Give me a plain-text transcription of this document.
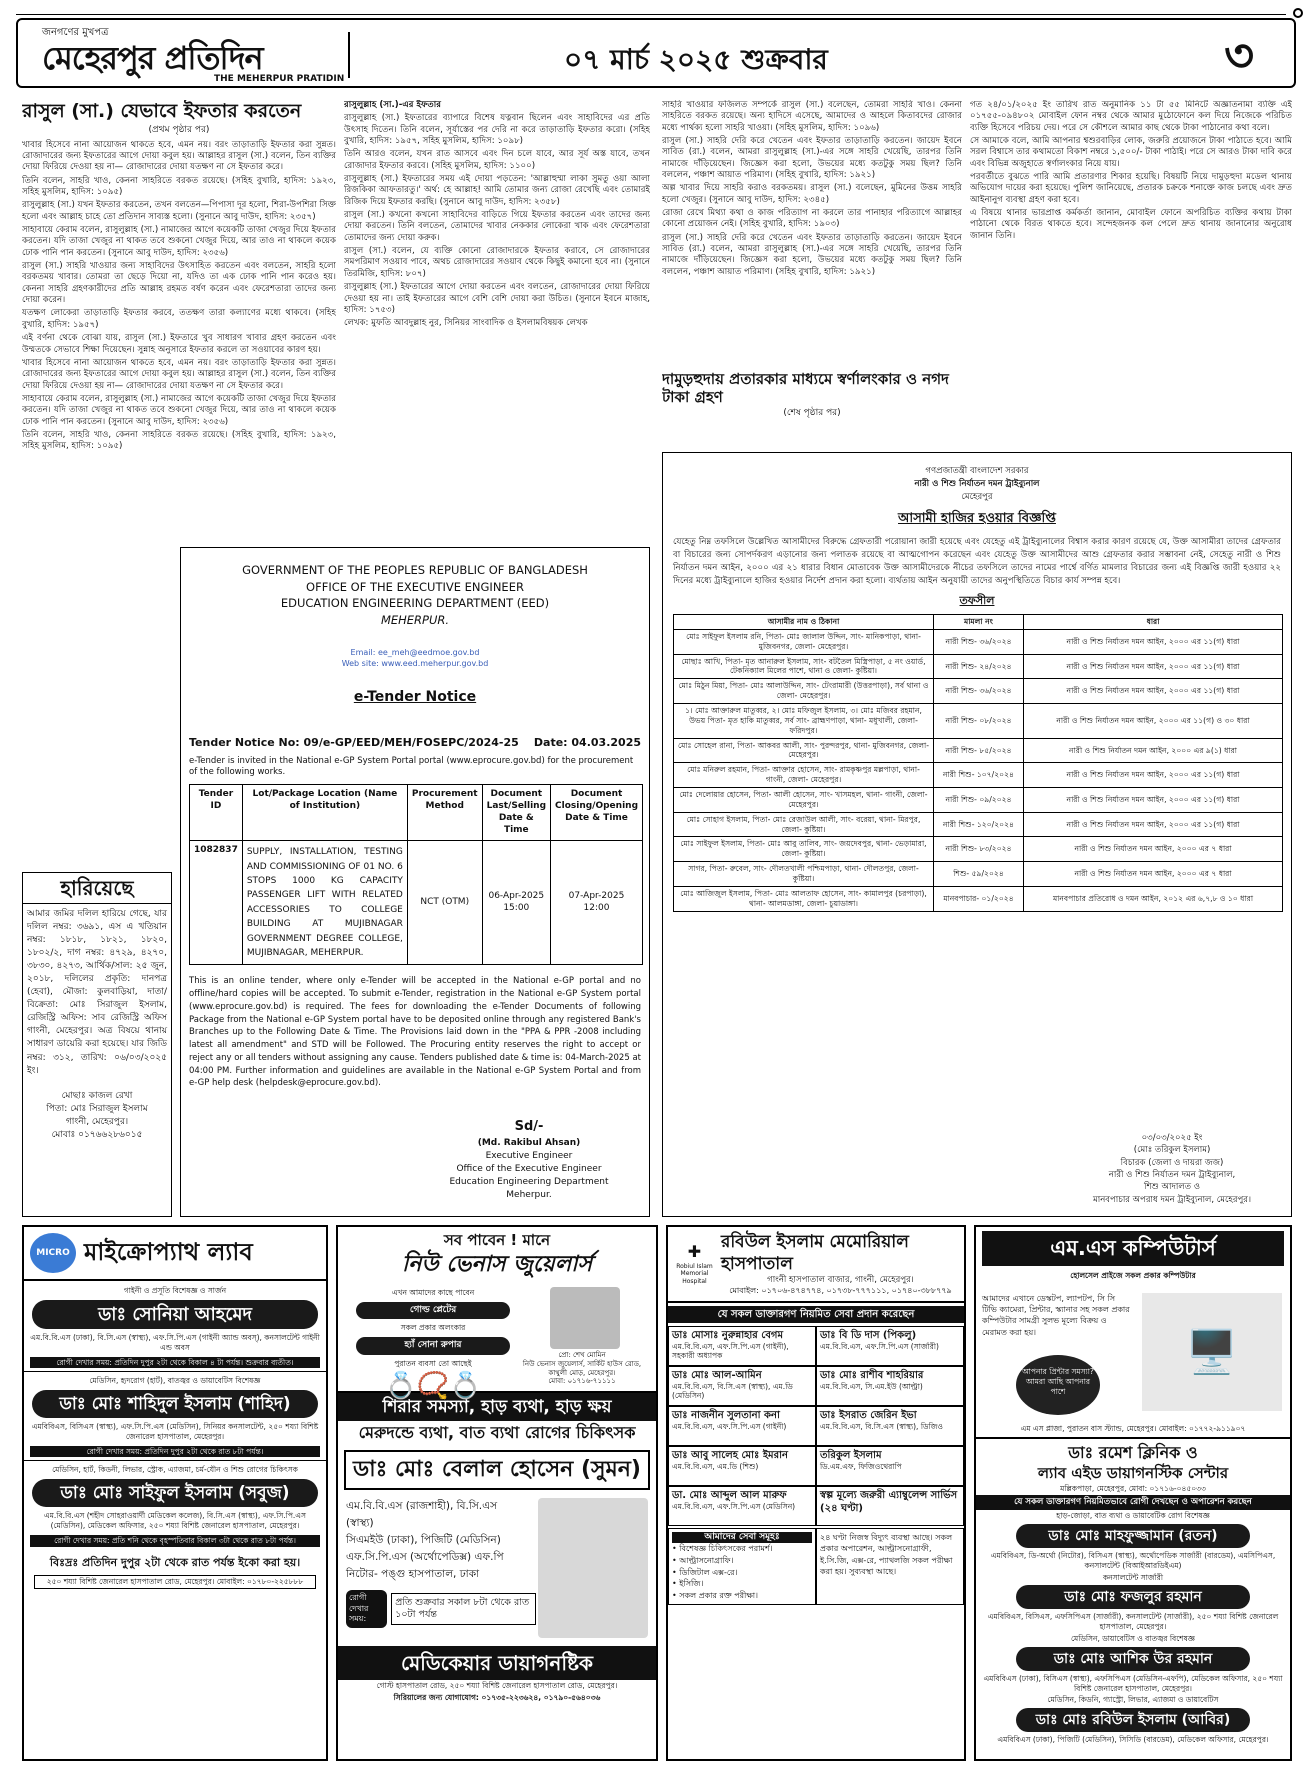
জনগণের মুখপত্র
মেহেরপুর প্রতিদিন
THE MEHERPUR PRATIDIN
০৭ মার্চ ২০২৫ শুক্রবার	৩
রাসুল (সা.) যেভাবে ইফতার করতেন
(প্রথম পৃষ্ঠার পর)

খাবার হিসেবে নানা আয়োজন থাকতে হবে, এমন নয়। বরং তাড়াতাড়ি ইফতার করা সুন্নত। রোজাদারের জন্য ইফতারের আগে দোয়া কবুল হয়। আল্লাহর রাসুল (সা.) বলেন, তিন ব্যক্তির দোয়া ফিরিয়ে দেওয়া হয় না— রোজাদারের দোয়া যতক্ষণ না সে ইফতার করে।

তিনি বলেন, সাহরি খাও, কেননা সাহরিতে বরকত রয়েছে। (সহিহ বুখারি, হাদিস: ১৯২৩, সহিহ মুসলিম, হাদিস: ১০৯৫)

রাসুলুল্লাহ (সা.) যখন ইফতার করতেন, তখন বলতেন—পিপাসা দূর হলো, শিরা-উপশিরা সিক্ত হলো এবং আল্লাহ চাহে তো প্রতিদান সাব্যস্ত হলো। (সুনানে আবু দাউদ, হাদিস: ২৩৫৭)

সাহাবায়ে কেরাম বলেন, রাসুলুল্লাহ (সা.) নামাজের আগে কয়েকটি তাজা খেজুর দিয়ে ইফতার করতেন। যদি তাজা খেজুর না থাকত তবে শুকনো খেজুর দিয়ে, আর তাও না থাকলে কয়েক ঢোক পানি পান করতেন। (সুনানে আবু দাউদ, হাদিস: ২৩৫৬)

রাসুল (সা.) সাহরি খাওয়ার জন্য সাহাবিদের উৎসাহিত করতেন এবং বলতেন, সাহরি হলো বরকতময় খাবার। তোমরা তা ছেড়ে দিয়ো না, যদিও তা এক ঢোক পানি পান করেও হয়। কেননা সাহরি গ্রহণকারীদের প্রতি আল্লাহ রহমত বর্ষণ করেন এবং ফেরেশতারা তাদের জন্য দোয়া করেন।

যতক্ষণ লোকেরা তাড়াতাড়ি ইফতার করবে, ততক্ষণ তারা কল্যাণের মধ্যে থাকবে। (সহিহ বুখারি, হাদিস: ১৯৫৭)

এই বর্ণনা থেকে বোঝা যায়, রাসুল (সা.) ইফতারে খুব সাধারণ খাবার গ্রহণ করতেন এবং উম্মতকে সেভাবে শিক্ষা দিয়েছেন। সুন্নাহ অনুসারে ইফতার করলে তা সওয়াবের কারণ হয়।

খাবার হিসেবে নানা আয়োজন থাকতে হবে, এমন নয়। বরং তাড়াতাড়ি ইফতার করা সুন্নত। রোজাদারের জন্য ইফতারের আগে দোয়া কবুল হয়। আল্লাহর রাসুল (সা.) বলেন, তিন ব্যক্তির দোয়া ফিরিয়ে দেওয়া হয় না— রোজাদারের দোয়া যতক্ষণ না সে ইফতার করে।

সাহাবায়ে কেরাম বলেন, রাসুলুল্লাহ (সা.) নামাজের আগে কয়েকটি তাজা খেজুর দিয়ে ইফতার করতেন। যদি তাজা খেজুর না থাকত তবে শুকনো খেজুর দিয়ে, আর তাও না থাকলে কয়েক ঢোক পানি পান করতেন। (সুনানে আবু দাউদ, হাদিস: ২৩৫৬)

তিনি বলেন, সাহরি খাও, কেননা সাহরিতে বরকত রয়েছে। (সহিহ বুখারি, হাদিস: ১৯২৩, সহিহ মুসলিম, হাদিস: ১০৯৫)

রাসুলুল্লাহ (সা.)-এর ইফতার

রাসুলুল্লাহ (সা.) ইফতারের ব্যাপারে বিশেষ যত্নবান ছিলেন এবং সাহাবিদের এর প্রতি উৎসাহ দিতেন। তিনি বলেন, সূর্যাস্তের পর দেরি না করে তাড়াতাড়ি ইফতার করো। (সহিহ বুখারি, হাদিস: ১৯৫৭, সহিহ মুসলিম, হাদিস: ১০৯৮)

তিনি আরও বলেন, যখন রাত আসবে এবং দিন চলে যাবে, আর সূর্য অস্ত যাবে, তখন রোজাদার ইফতার করবে। (সহিহ মুসলিম, হাদিস: ১১০০)

রাসুলুল্লাহ (সা.) ইফতারের সময় এই দোয়া পড়তেন: 'আল্লাহুম্মা লাকা সুমতু ওয়া আলা রিজকিকা আফতারতু।' অর্থ: হে আল্লাহ! আমি তোমার জন্য রোজা রেখেছি এবং তোমারই রিজিক দিয়ে ইফতার করছি। (সুনানে আবু দাউদ, হাদিস: ২৩৫৮)

রাসুল (সা.) কখনো কখনো সাহাবিদের বাড়িতে গিয়ে ইফতার করতেন এবং তাদের জন্য দোয়া করতেন। তিনি বলতেন, তোমাদের খাবার নেককার লোকেরা খাক এবং ফেরেশতারা তোমাদের জন্য দোয়া করুক।

রাসুল (সা.) বলেন, যে ব্যক্তি কোনো রোজাদারকে ইফতার করাবে, সে রোজাদারের সমপরিমাণ সওয়াব পাবে, অথচ রোজাদারের সওয়াব থেকে কিছুই কমানো হবে না। (সুনানে তিরমিজি, হাদিস: ৮০৭)

রাসুলুল্লাহ (সা.) ইফতারের আগে দোয়া করতেন এবং বলতেন, রোজাদারের দোয়া ফিরিয়ে দেওয়া হয় না। তাই ইফতারের আগে বেশি বেশি দোয়া করা উচিত। (সুনানে ইবনে মাজাহ, হাদিস: ১৭৫৩)

লেখক: মুফতি আবদুল্লাহ নুর, সিনিয়র সাংবাদিক ও ইসলামবিষয়ক লেখক

সাহরি খাওয়ার ফজিলত সম্পর্কে রাসুল (সা.) বলেছেন, তোমরা সাহরি খাও। কেননা সাহরিতে বরকত রয়েছে। অন্য হাদিসে এসেছে, আমাদের ও আহলে কিতাবদের রোজার মধ্যে পার্থক্য হলো সাহরি খাওয়া। (সহিহ মুসলিম, হাদিস: ১০৯৬)

রাসুল (সা.) সাহরি দেরি করে খেতেন এবং ইফতার তাড়াতাড়ি করতেন। জায়েদ ইবনে সাবিত (রা.) বলেন, আমরা রাসুলুল্লাহ (সা.)-এর সঙ্গে সাহরি খেয়েছি, তারপর তিনি নামাজে দাঁড়িয়েছেন। জিজ্ঞেস করা হলো, উভয়ের মধ্যে কতটুকু সময় ছিল? তিনি বললেন, পঞ্চাশ আয়াত পরিমাণ। (সহিহ বুখারি, হাদিস: ১৯২১)

অল্প খাবার দিয়ে সাহরি করাও বরকতময়। রাসুল (সা.) বলেছেন, মুমিনের উত্তম সাহরি হলো খেজুর। (সুনানে আবু দাউদ, হাদিস: ২৩৪৫)

রোজা রেখে মিথ্যা কথা ও কাজ পরিত্যাগ না করলে তার পানাহার পরিত্যাগে আল্লাহর কোনো প্রয়োজন নেই। (সহিহ বুখারি, হাদিস: ১৯০৩)

রাসুল (সা.) সাহরি দেরি করে খেতেন এবং ইফতার তাড়াতাড়ি করতেন। জায়েদ ইবনে সাবিত (রা.) বলেন, আমরা রাসুলুল্লাহ (সা.)-এর সঙ্গে সাহরি খেয়েছি, তারপর তিনি নামাজে দাঁড়িয়েছেন। জিজ্ঞেস করা হলো, উভয়ের মধ্যে কতটুকু সময় ছিল? তিনি বললেন, পঞ্চাশ আয়াত পরিমাণ। (সহিহ বুখারি, হাদিস: ১৯২১)

দামুড়হুদায় প্রতারকার মাধ্যমে স্বর্ণালংকার ও নগদ টাকা গ্রহণ
(শেষ পৃষ্ঠার পর)

গত ২৪/০১/২০২৫ ইং তারিখ রাত অনুমানিক ১১ টা ৫৫ মিনিটে অজ্ঞাতনামা ব্যক্তি এই ০১৭৫৫-০৯৪৮০২ মোবাইল ফোন নম্বর থেকে আমার মুঠোফোনে কল দিয়ে নিজেকে পরিচিত ব্যক্তি হিসেবে পরিচয় দেয়। পরে সে কৌশলে আমার কাছ থেকে টাকা পাঠানোর কথা বলে।

সে আমাকে বলে, আমি আপনার শ্বশুরবাড়ির লোক, জরুরি প্রয়োজনে টাকা পাঠাতে হবে। আমি সরল বিশ্বাসে তার কথামতো বিকাশ নম্বরে ১,৫০০/- টাকা পাঠাই। পরে সে আরও টাকা দাবি করে এবং বিভিন্ন অজুহাতে স্বর্ণালংকার নিয়ে যায়।

পরবর্তীতে বুঝতে পারি আমি প্রতারণার শিকার হয়েছি। বিষয়টি নিয়ে দামুড়হুদা মডেল থানায় অভিযোগ দায়ের করা হয়েছে। পুলিশ জানিয়েছে, প্রতারক চক্রকে শনাক্তে কাজ চলছে এবং দ্রুত আইনানুগ ব্যবস্থা গ্রহণ করা হবে।

এ বিষয়ে থানার ভারপ্রাপ্ত কর্মকর্তা জানান, মোবাইল ফোনে অপরিচিত ব্যক্তির কথায় টাকা পাঠানো থেকে বিরত থাকতে হবে। সন্দেহজনক কল পেলে দ্রুত থানায় জানানোর অনুরোধ জানান তিনি।

GOVERNMENT OF THE PEOPLES REPUBLIC OF BANGLADESH
OFFICE OF THE EXECUTIVE ENGINEER
EDUCATION ENGINEERING DEPARTMENT (EED)
MEHERPUR.
Email: ee_meh@eedmoe.gov.bd
Web site: www.eed.meherpur.gov.bd
e-Tender Notice
Tender Notice No: 09/e-GP/EED/MEH/FOSEPC/2024-25 Date: 04.03.2025
e-Tender is invited in the National e-GP System Portal portal (www.eprocure.gov.bd) for the procurement of the following works.
Tender ID	Lot/Package Location (Name of Institution)	Procurement Method	Document Last/Selling Date & Time	Document Closing/Opening Date & Time
1082837	SUPPLY, INSTALLATION, TESTING AND COMMISSIONING OF 01 NO. 6 STOPS 1000 KG CAPACITY PASSENGER LIFT WITH RELATED ACCESSORIES TO COLLEGE BUILDING AT MUJIBNAGAR GOVERNMENT DEGREE COLLEGE, MUJIBNAGAR, MEHERPUR.	NCT (OTM)	06-Apr-2025 15:00	07-Apr-2025 12:00
This is an online tender, where only e-Tender will be accepted in the National e-GP portal and no offline/hard copies will be accepted. To submit e-Tender, registration in the National e-GP System portal (www.eprocure.gov.bd) is required. The fees for downloading the e-Tender Documents of following Package from the National e-GP System portal have to be deposited online through any registered Bank's Branches up to the Following Date & Time. The Provisions laid down in the "PPA & PPR -2008 including latest all amendment" and STD will be Followed. The Procuring entity reserves the right to accept or reject any or all tenders without assigning any cause. Tenders published date & time is: 04-March-2025 at 04:00 PM. Further information and guidelines are available in the National e-GP System Portal and from e-GP help desk (helpdesk@eprocure.gov.bd).
Sd/-
(Md. Rakibul Ahsan)
Executive Engineer
Office of the Executive Engineer
Education Engineering Department
Meherpur.
গণপ্রজাতন্ত্রী বাংলাদেশ সরকার
নারী ও শিশু নির্যাতন দমন ট্রাইব্যুনাল
মেহেরপুর
আসামী হাজির হওয়ার বিজ্ঞপ্তি
যেহেতু নিম্ন তফসিলে উল্লেখিত আসামীদের বিরুদ্ধে গ্রেফতারী পরোয়ানা জারী হয়েছে এবং যেহেতু এই ট্রাইব্যুনালের বিশ্বাস করার কারণ রয়েছে যে, উক্ত আসামীরা তাদের গ্রেফতার বা বিচারের জন্য সোপর্দকরণ এড়ানোর জন্য পলাতক রয়েছে বা আত্মগোপন করেছেন এবং যেহেতু উক্ত আসামীদের আশু গ্রেফতার করার সম্ভাবনা নেই, সেহেতু নারী ও শিশু নির্যাতন দমন আইন, ২০০০ এর ২১ ধারার বিধান মোতাবেক উক্ত আসামীদেরকে নীচের তফসিলে তাদের নামের পার্শ্বে বর্ণিত মামলার বিচারের জন্য এই বিজ্ঞপ্তি জারী হওয়ার ২২ দিনের মধ্যে ট্রাইব্যুনালে হাজির হওয়ার নির্দেশ প্রদান করা হলো। ব্যর্থতায় আইন অনুযায়ী তাদের অনুপস্থিতিতে বিচার কার্য সম্পন্ন হবে।
তফসীল
আসামীর নাম ও ঠিকানা	মামলা নং	ধারা
মোঃ সাইফুল ইসলাম রনি, পিতা- মোঃ জালাল উদ্দিন, সাং- মানিকপাড়া, থানা- মুজিবনগর, জেলা- মেহেরপুর।	নারী শিশু- ৩৬/২০২৪	নারী ও শিশু নির্যাতন দমন আইন, ২০০০ এর ১১(গ) ধারা
মোছাঃ আখি, পিতা- মৃত আনারুল ইসলাম, সাং- বটতৈল মিস্ত্রিপাড়া, ৫ নং ওয়ার্ড, টেকনিক্যাল মিলের পাশে, থানা ও জেলা- কুষ্টিয়া।	নারী শিশু- ২৪/২০২৪	নারী ও শিশু নির্যাতন দমন আইন, ২০০০ এর ১১(গ) ধারা
মোঃ মিঠুন মিয়া, পিতা- মোঃ আলাউদ্দিন, সাং- টেংরামারী (উত্তরপাড়া), সর্ব থানা ও জেলা- মেহেরপুর।	নারী শিশু- ৩৬/২০২৪	নারী ও শিশু নির্যাতন দমন আইন, ২০০০ এর ১১(গ) ধারা
১। মোঃ আক্তারুল মাতুব্বর, ২। মোঃ মফিজুল ইসলাম, ৩। মোঃ মজিবর রহমান, উভয় পিতা- মৃত হাকি মাতুব্বর, সর্ব সাং- ব্রাহ্মণপাড়া, থানা- মধুখালী, জেলা- ফরিদপুর।	নারী শিশু- ০৮/২০২৪	নারী ও শিশু নির্যাতন দমন আইন, ২০০০ এর ১১(গ) ও ৩০ ধারা
মোঃ সোহেল রানা, পিতা- আকবর আলী, সাং- পুরন্দরপুর, থানা- মুজিবনগর, জেলা- মেহেরপুর।	নারী শিশু- ৮৫/২০২৪	নারী ও শিশু নির্যাতন দমন আইন, ২০০০ এর ৯(১) ধারা
মোঃ মনিরুল রহমান, পিতা- আক্তার হোসেন, সাং- রামকৃষ্ণপুর মল্লপাড়া, থানা- গাংনী, জেলা- মেহেরপুর।	নারী শিশু- ১০৭/২০২৪	নারী ও শিশু নির্যাতন দমন আইন, ২০০০ এর ১১(গ) ধারা
মোঃ দেলোয়ার হোসেন, পিতা- আলী হোসেন, সাং- খাসমহল, থানা- গাংনী, জেলা- মেহেরপুর।	নারী শিশু- ০৯/২০২৪	নারী ও শিশু নির্যাতন দমন আইন, ২০০০ এর ১১(গ) ধারা
মোঃ সোহাগ ইসলাম, পিতা- মোঃ রেজাউল আলী, সাং- বরেয়া, থানা- মিরপুর, জেলা- কুষ্টিয়া।	নারী শিশু- ১২০/২০২৪	নারী ও শিশু নির্যাতন দমন আইন, ২০০০ এর ১১(গ) ধারা
মোঃ সাইফুল ইসলাম, পিতা- মোঃ আবু তালিব, সাং- জয়দেবপুর, থানা- ভেড়ামারা, জেলা- কুষ্টিয়া।	নারী শিশু- ৮৩/২০২৪	নারী ও শিশু নির্যাতন দমন আইন, ২০০০ এর ৭ ধারা
সাগর, পিতা- রুবেল, সাং- দৌলতখালী পশ্চিমপাড়া, থানা- দৌলতপুর, জেলা- কুষ্টিয়া।	শিশু- ৫৯/২০২৪	নারী ও শিশু নির্যাতন দমন আইন, ২০০০ এর ৭ ধারা
মোঃ আজিজুল ইসলাম, পিতা- মোঃ আলতাফ হোসেন, সাং- কামালপুর (চরপাড়া), থানা- আলমডাঙ্গা, জেলা- চুয়াডাঙ্গা।	মানবপাচার- ০১/২০২৪	মানবপাচার প্রতিরোধ ও দমন আইন, ২০১২ এর ৬,৭,৮ ও ১০ ধারা
০৩/০৩/২০২৫ ইং
(মোঃ তরিকুল ইসলাম)
বিচারক (জেলা ও দায়রা জজ)
নারী ও শিশু নির্যাতন দমন ট্রাইব্যুনাল,
শিশু আদালত ও
মানবপাচার অপরাধ দমন ট্রাইব্যুনাল, মেহেরপুর।
হারিয়েছে
আমার জমির দলিল হারিয়ে গেছে, যার দলিল নম্বর: ৩৬৯১, এস এ খতিয়ান নম্বর: ১৮১৮, ১৮২১, ১৮২০, ১৮০২/২, দাগ নম্বর: ৪৭২৯, ৪২৭০, ৩৮৩০, ৪২৭৩, আর্থিক/সাল: ২৫ জুন, ২০১৮, দলিলের প্রকৃতি: দানপত্র (হেবা), মৌজা: কুলবাড়িয়া, দাতা/বিক্রেতা: মোঃ সিরাজুল ইসলাম, রেজিস্ট্রি অফিস: সাব রেজিস্ট্রি অফিস গাংনী, মেহেরপুর। অত্র বিষয়ে থানায় সাধারণ ডায়েরি করা হয়েছে। যার জিডি নম্বর: ৩১২, তারিখ: ০৬/০৩/২০২৫ ইং।
মোছাঃ কাজল রেখা
পিতা: মোঃ সিরাজুল ইসলাম
গাংনী, মেহেরপুর।
মোবাঃ ০১৭৬৬২৮৬০১৫
MICRO PATH
মাইক্রোপ্যাথ ল্যাব
গাইনী ও প্রসূতি বিশেষজ্ঞ ও সার্জন
ডাঃ সোনিয়া আহমেদ
এম.বি.বি.এস (ঢাকা), বি.সি.এস (স্বাস্থ্য), এফ.সি.পি.এস (গাইনী অ্যান্ড অবস্), কনসালটেন্ট গাইনী এন্ড অবস
রোগী দেখার সময়: প্রতিদিন দুপুর ২টা থেকে বিকাল ৪ টা পর্যন্ত। শুক্রবার ব্যতীত।
মেডিসিন, হৃদরোগ (হার্ট), বাতজ্বর ও ডায়াবেটিস বিশেষজ্ঞ
ডাঃ মোঃ শাহিদুল ইসলাম (শাহিদ)
এমবিবিএস, বিসিএস (স্বাস্থ্য), এফ.সি.পি.এস (মেডিসিন), সিনিয়র কনসালটেন্ট, ২৫০ শয্যা বিশিষ্ট জেনারেল হাসপাতাল, মেহেরপুর।
রোগী দেখার সময়: প্রতিদিন দুপুর ২টা থেকে রাত ৮টা পর্যন্ত।
মেডিসিন, হার্ট, কিডনী, লিভার, স্ট্রোক, এ্যাজমা, চর্ম-যৌন ও শিশু রোগের চিকিৎসক
ডাঃ মোঃ সাইফুল ইসলাম (সবুজ)
এম.বি.বি.এস (শহীদ সোহরাওয়ার্দী মেডিকেল কলেজ), বি.সি.এস (স্বাস্থ্য), এফ.সি.পি.এস (মেডিসিন), মেডিকেল অফিসার, ২৫০ শয্যা বিশিষ্ট জেনারেল হাসপাতাল, মেহেরপুর।
রোগী দেখার সময়: প্রতি শনি থেকে বৃহস্পতিবার বিকাল ৩টা থেকে রাত ৮টা পর্যন্ত।
বিঃদ্রঃ প্রতিদিন দুপুর ২টা থেকে রাত পর্যন্ত ইকো করা হয়।
২৫০ শয্যা বিশিষ্ট জেনারেল হাসপাতাল রোড, মেহেরপুর। মোবাইল: ০১৭৮০-২২৫৮৮৮
সব পাবেন ! মানে
নিউ ভেনাস জুয়েলার্স
এখন আমাদের কাছে পাবেন
গোল্ড প্লেটের
সকল প্রকার অলংকার
হ্যাঁ সোনা রুপার
পুরাতন ব্যবসা তো আছেই
💍📿💍
প্রো: শেখ মোমিন
নিউ ভেনাস জুয়েলার্স, সার্কিট হাউস রোড, কাথুলী মোড়, মেহেরপুর।
মোবা: ০১৭১৬-৭১১১১
শিরার সমস্যা, হাড় ব্যথা, হাড় ক্ষয়
মেরুদন্ডে ব্যথা, বাত ব্যথা রোগের চিকিৎসক
ডাঃ মোঃ বেলাল হোসেন (সুমন)
এম.বি.বি.এস (রাজশাহী), বি.সি.এস (স্বাস্থ্য)
সিএমইউ (ঢাকা), পিজিটি (মেডিসিন)
এফ.সি.পি.এস (অর্থোপেডিক্স) এফ.পি
নিটোর- পঙ্গু হাসপাতাল, ঢাকা
রোগী দেখার সময়:
প্রতি শুক্রবার সকাল ৮টা থেকে রাত ১০টা পর্যন্ত
মেডিকেয়ার ডায়াগনষ্টিক
গোস্ট হাসপাতাল রোড, ২৫০ শয্যা বিশিষ্ট জেনারেল হাসপাতাল রোড, মেহেরপুর।
সিরিয়ালের জন্য যোগাযোগ: ০১৭৩৫-২২৩৬২৪, ০১৭৯০-৫৬৪০৩৬
✚
Robiul Islam Memorial Hospital
রবিউল ইসলাম মেমোরিয়াল হাসপাতাল
গাংনী হাসপাতাল বাজার, গাংনী, মেহেরপুর।
মোবাইল: ০১৭০৬-৪৭৪৭৭৪, ০১৭৩৮-৭৭৭১১১, ০১৭৪০-৩৮৮৭৭৯
যে সকল ডাক্তারগণ নিয়মিত সেবা প্রদান করেছেন
ডাঃ মোসাঃ নুরুন্নাহার বেগম
এম.বি.বি.এস, এফ.সি.পি.এস (গাইনী), সহকারী অধ্যাপক
ডাঃ বি ডি দাস (পিকলু)
এম.বি.বি.এস, এফ.সি.পি.এস (সার্জারী)
ডাঃ মোঃ আল-আমিন
এম.বি.বি.এস, বি.সি.এস (স্বাস্থ্য), এম.ডি (মেডিসিন)
ডাঃ মোঃ রাশীব শাহরিয়ার
এম.বি.বি.এস, সি.এম.ইউ (আল্ট্রা)
ডাঃ নাজনীন সুলতানা কনা
এম.বি.বি.এস, এফ.সি.পি.এস (গাইনী)
ডাঃ ইসরাত জেরিন ইভা
এম.বি.বি.এস, বি.সি.এস (স্বাস্থ্য), ডিজিও
ডাঃ আবু সালেহ মোঃ ইমরান
এম.বি.বি.এস, এম.ডি (শিশু)
তরিকুল ইসলাম
ডি.এম.এফ, ফিজিওথেরাপি
ডা. মোঃ আব্দুল আল মারুফ
এম.বি.বি.এস, এফ.সি.পি.এস (মেডিসিন)
স্বল্প মূল্যে জরুরী এ্যাম্বুলেন্স সার্ভিস (২৪ ঘণ্টা)
আমাদের সেবা সমূহঃ
• বিশেষজ্ঞ চিকিৎসকের পরামর্শ।
• আল্ট্রাসনোগ্রাফি।
• ডিজিটাল এক্স-রে।
• ইসিজি।
• সকল প্রকার রক্ত পরীক্ষা।
২৪ ঘণ্টা নিজস্ব বিদ্যুৎ ব্যবস্থা আছে। সকল প্রকার অপারেশন, আল্ট্রাসনোগ্রাফী, ই.সি.জি, এক্স-রে, প্যাথলজি সকল পরীক্ষা করা হয়। সুব্যবস্থা আছে।
এম.এস কম্পিউটার্স
হোলসেল প্রাইজে সকল প্রকার কম্পিউটার
আমাদের এখানে ডেস্কটপ, ল্যাপটপ, সি সি টিভি ক্যামেরা, প্রিন্টার, স্ক্যানার সহ সকল প্রকার কম্পিউটার সামগ্রী সুলভ মূল্যে বিক্রয় ও মেরামত করা হয়।
আপনার প্রিন্টার সমস্যা? আমরা আছি আপনার পাশে
🖥️
এম এস প্লাজা, পুরাতন বাস স্ট্যান্ড, মেহেরপুর। মোবাইল: ০১৭৭২-৯১১৯০৭
ডাঃ রমেশ ক্লিনিক ও
ল্যাব এইড ডায়াগনস্টিক সেন্টার
মল্লিকপাড়া, মেহেরপুর, মোবা: ০১৭১৬-০৪৫০৩৩
যে সকল ডাক্তারগণ নিয়মিতভাবে রোগী দেখছেন ও অপারেশন করছেন
হাড়-জোড়া, বাত ব্যথা ও ডায়াবেটিক রোগ বিশেষজ্ঞ
ডাঃ মোঃ মাহফুজ্জামান (রতন)
এমবিবিএস, ডি-অর্থো (নিটোর), বিসিএস (স্বাস্থ্য), অর্থোপেডিক সার্জারী (বারডেম), এমসিপিএস, কনসালটেন্ট (বিআইআরডিইএম)
কনসালটেন্ট সার্জারী
ডাঃ মোঃ ফজলুর রহমান
এমবিবিএস, বিসিএস, এফসিপিএস (সার্জারী), কনসালটেন্ট (সার্জারী), ২৫০ শয্যা বিশিষ্ট জেনারেল হাসপাতাল, মেহেরপুর।
মেডিসিন, ডায়াবেটিস ও বাতজ্বর বিশেষজ্ঞ
ডাঃ মোঃ আশিক উর রহমান
এমবিবিএস (ঢাকা), বিসিএস (স্বাস্থ্য), এফসিপিএস (মেডিসিন-এফপি), মেডিকেল অফিসার, ২৫০ শয্যা বিশিষ্ট জেনারেল হাসপাতাল, মেহেরপুর।
মেডিসিন, কিডনি, গ্যাস্ট্রো, লিভার, এ্যাজমা ও ডায়াবেটিস
ডাঃ মোঃ রবিউল ইসলাম (আবির)
এমবিবিএস (ঢাকা), পিজিটি (মেডিসিন), সিসিডি (বারডেম), মেডিকেল অফিসার, মেহেরপুর।
